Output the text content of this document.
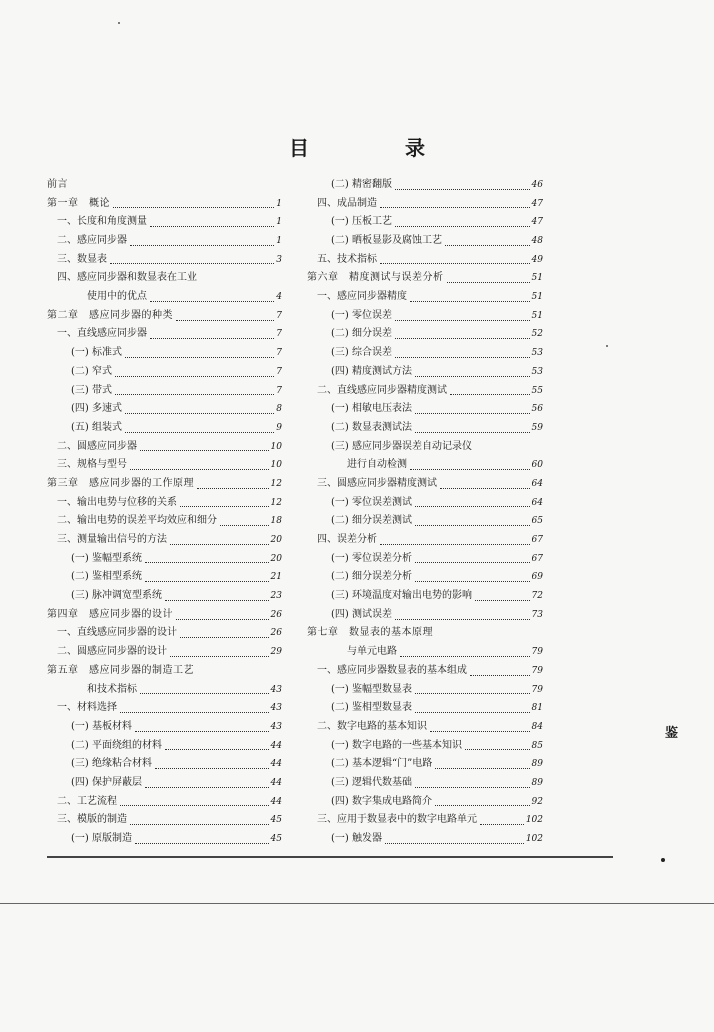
目　录
前言
第一章　概论	1
一、长度和角度测量	1
二、感应同步器	1
三、数显表	3
四、感应同步器和数显表在工业
使用中的优点	4
第二章　感应同步器的种类	7
一、直线感应同步器	7
(一) 标准式	7
(二) 窄式	7
(三) 带式	7
(四) 多速式	8
(五) 组装式	9
二、圆感应同步器	10
三、规格与型号	10
第三章　感应同步器的工作原理	12
一、输出电势与位移的关系	12
二、输出电势的误差平均效应和细分	18
三、测量输出信号的方法	20
(一) 鉴幅型系统	20
(二) 鉴相型系统	21
(三) 脉冲调宽型系统	23
第四章　感应同步器的设计	26
一、直线感应同步器的设计	26
二、圆感应同步器的设计	29
第五章　感应同步器的制造工艺
和技术指标	43
一、材料选择	43
(一) 基板材料	43
(二) 平面绕组的材料	44
(三) 绝缘粘合材料	44
(四) 保护屏蔽层	44
二、工艺流程	44
三、模版的制造	45
(一) 原版制造	45
(二) 精密翻版	46
四、成品制造	47
(一) 压板工艺	47
(二) 晒板显影及腐蚀工艺	48
五、技术指标	49
第六章　精度测试与误差分析	51
一、感应同步器精度	51
(一) 零位误差	51
(二) 细分误差	52
(三) 综合误差	53
(四) 精度测试方法	53
二、直线感应同步器精度测试	55
(一) 相敏电压表法	56
(二) 数显表测试法	59
(三) 感应同步器误差自动记录仪
进行自动检测	60
三、圆感应同步器精度测试	64
(一) 零位误差测试	64
(二) 细分误差测试	65
四、误差分析	67
(一) 零位误差分析	67
(二) 细分误差分析	69
(三) 环境温度对输出电势的影响	72
(四) 测试误差	73
第七章　数显表的基本原理
与单元电路	79
一、感应同步器数显表的基本组成	79
(一) 鉴幅型数显表	79
(二) 鉴相型数显表	81
二、数字电路的基本知识	84
(一) 数字电路的一些基本知识	85
(二) 基本逻辑“门”电路	89
(三) 逻辑代数基础	89
(四) 数字集成电路简介	92
三、应用于数显表中的数字电路单元	102
(一) 触发器	102
鉴
